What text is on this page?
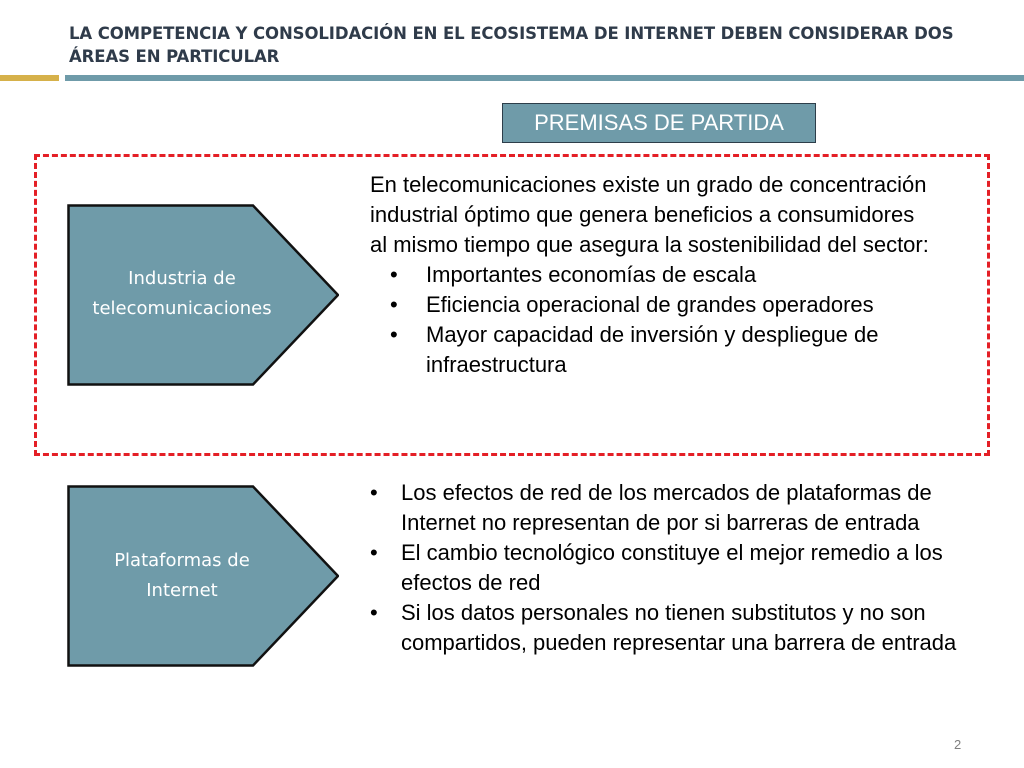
LA COMPETENCIA Y CONSOLIDACIÓN EN EL ECOSISTEMA DE INTERNET DEBEN CONSIDERAR DOS ÁREAS EN PARTICULAR
PREMISAS DE PARTIDA
Industria de
telecomunicaciones
Plataformas de
Internet

En telecomunicaciones existe un grado de concentración industrial óptimo que genera beneficios a consumidores al mismo tiempo que asegura la sostenibilidad del sector:

• Importantes economías de escala
• Eficiencia operacional de grandes operadores
• Mayor capacidad de inversión y despliegue de infraestructura
• Los efectos de red de los mercados de plataformas de Internet no representan de por si barreras de entrada
• El cambio tecnológico constituye el mejor remedio a los efectos de red
• Si los datos personales no tienen substitutos y no son compartidos, pueden representar una barrera de entrada
2
